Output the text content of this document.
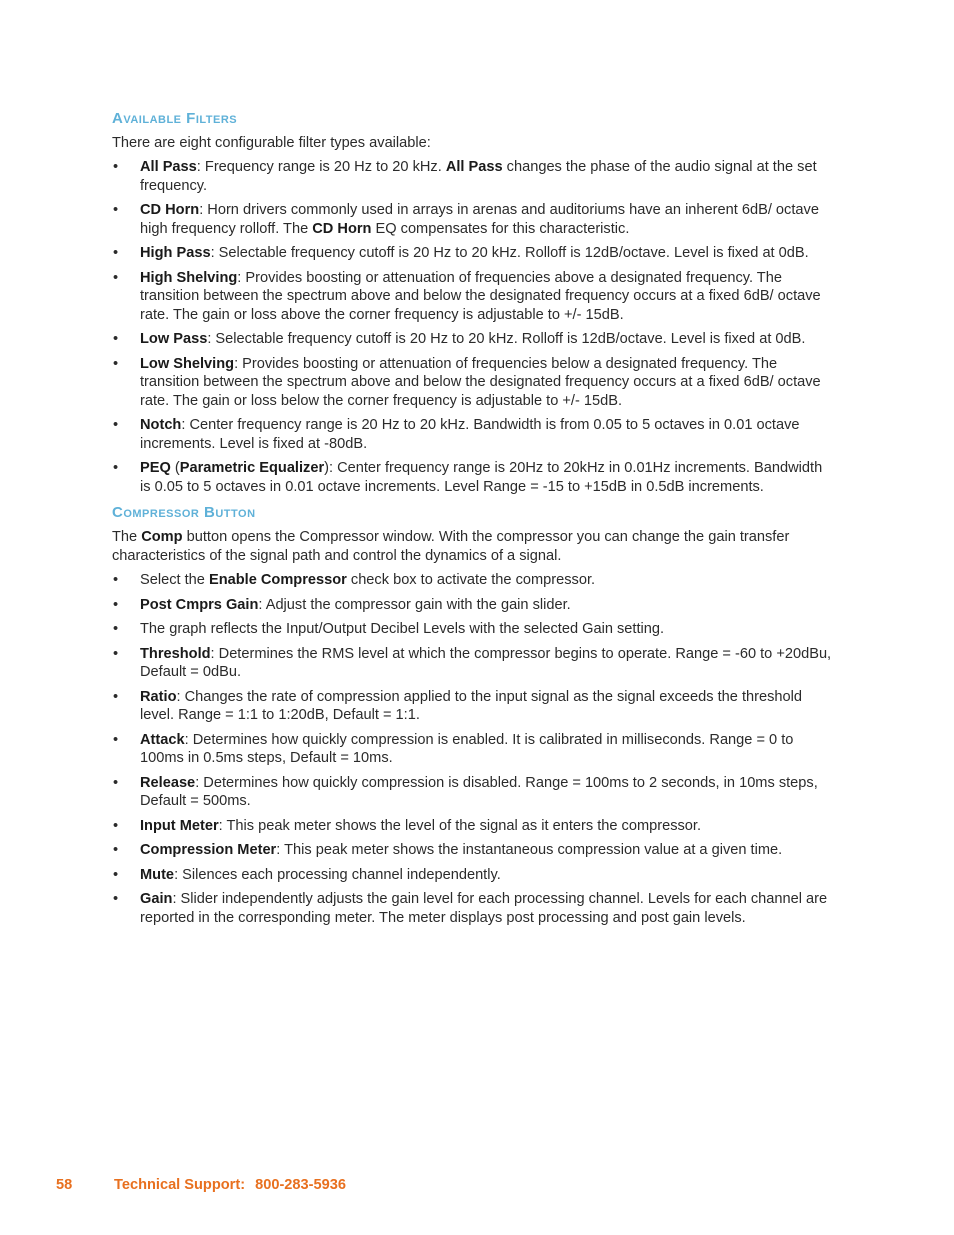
Available Filters

There are eight configurable filter types available:

• All Pass: Frequency range is 20 Hz to 20 kHz. All Pass changes the phase of the audio signal at the set frequency.
• CD Horn: Horn drivers commonly used in arrays in arenas and auditoriums have an inherent 6dB/ octave high frequency rolloff. The CD Horn EQ compensates for this characteristic.
• High Pass: Selectable frequency cutoff is 20 Hz to 20 kHz. Rolloff is 12dB/octave. Level is fixed at 0dB.
• High Shelving: Provides boosting or attenuation of frequencies above a designated frequency. The transition between the spectrum above and below the designated frequency occurs at a fixed 6dB/ octave rate. The gain or loss above the corner frequency is adjustable to +/- 15dB.
• Low Pass: Selectable frequency cutoff is 20 Hz to 20 kHz. Rolloff is 12dB/octave. Level is fixed at 0dB.
• Low Shelving: Provides boosting or attenuation of frequencies below a designated frequency. The transition between the spectrum above and below the designated frequency occurs at a fixed 6dB/ octave rate. The gain or loss below the corner frequency is adjustable to +/- 15dB.
• Notch: Center frequency range is 20 Hz to 20 kHz. Bandwidth is from 0.05 to 5 octaves in 0.01 octave increments. Level is fixed at -80dB.
• PEQ (Parametric Equalizer): Center frequency range is 20Hz to 20kHz in 0.01Hz increments. Bandwidth is 0.05 to 5 octaves in 0.01 octave increments. Level Range = -15 to +15dB in 0.5dB increments.
Compressor Button

The Comp button opens the Compressor window. With the compressor you can change the gain transfer characteristics of the signal path and control the dynamics of a signal.

• Select the Enable Compressor check box to activate the compressor.
• Post Cmprs Gain: Adjust the compressor gain with the gain slider.
• The graph reflects the Input/Output Decibel Levels with the selected Gain setting.
• Threshold: Determines the RMS level at which the compressor begins to operate. Range = -60 to +20dBu, Default = 0dBu.
• Ratio: Changes the rate of compression applied to the input signal as the signal exceeds the threshold level. Range = 1:1 to 1:20dB, Default = 1:1.
• Attack: Determines how quickly compression is enabled. It is calibrated in milliseconds. Range = 0 to 100ms in 0.5ms steps, Default = 10ms.
• Release: Determines how quickly compression is disabled. Range = 100ms to 2 seconds, in 10ms steps, Default = 500ms.
• Input Meter: This peak meter shows the level of the signal as it enters the compressor.
• Compression Meter: This peak meter shows the instantaneous compression value at a given time.
• Mute: Silences each processing channel independently.
• Gain: Slider independently adjusts the gain level for each processing channel. Levels for each channel are reported in the corresponding meter. The meter displays post processing and post gain levels.
58	Technical Support: 800-283-5936
